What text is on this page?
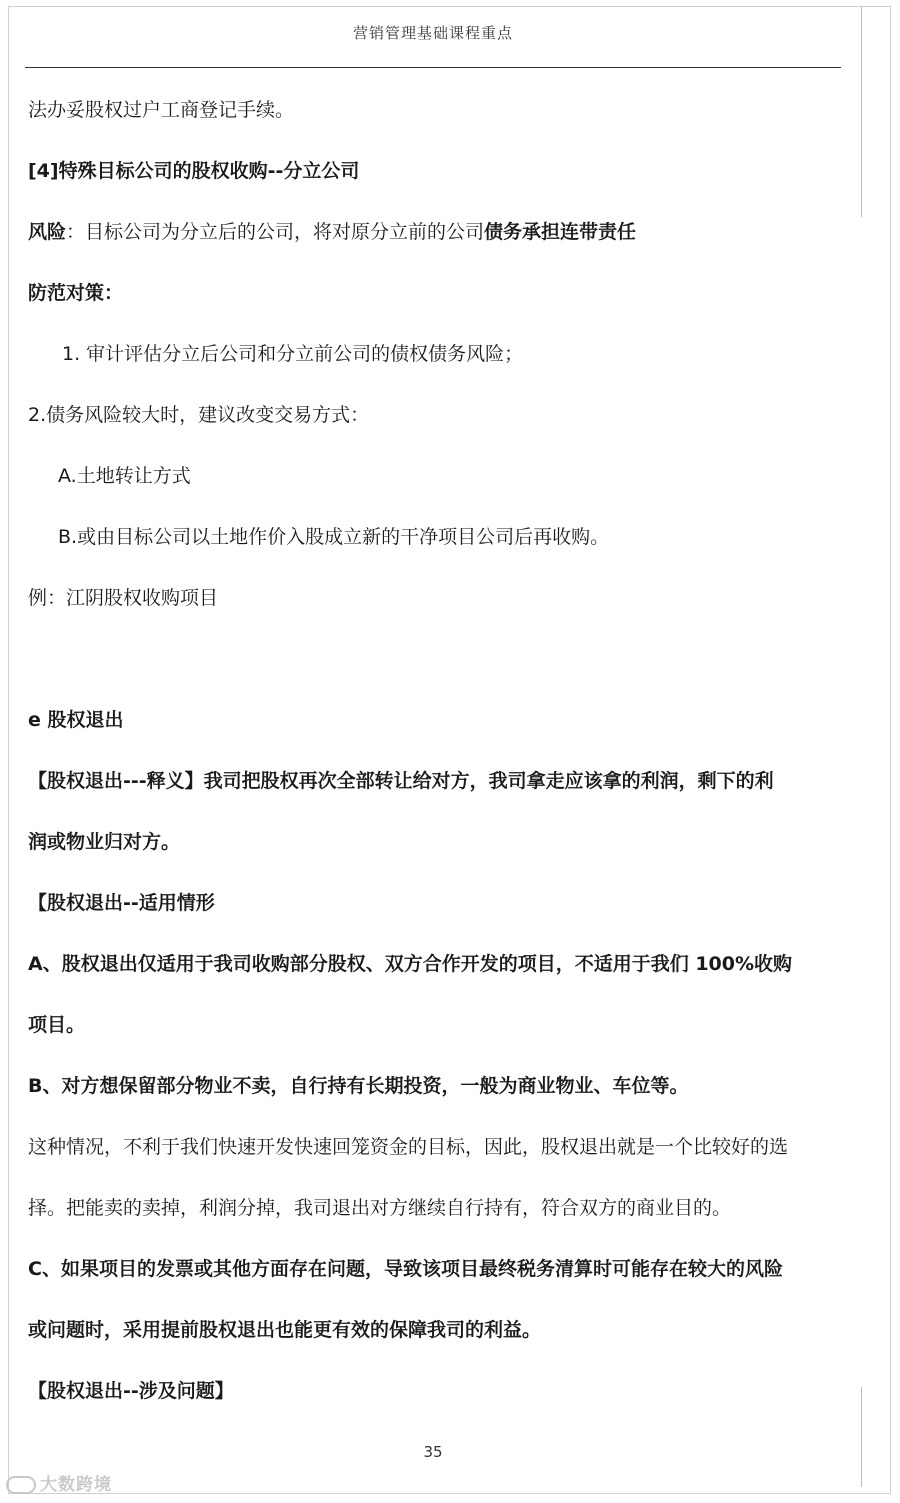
营销管理基础课程重点
法办妥股权过户工商登记手续。
[4]特殊目标公司的股权收购--分立公司
风险：目标公司为分立后的公司，将对原分立前的公司债务承担连带责任
防范对策：
1. 审计评估分立后公司和分立前公司的债权债务风险；
2.债务风险较大时，建议改变交易方式：
A.土地转让方式
B.或由目标公司以土地作价入股成立新的干净项目公司后再收购。
例：江阴股权收购项目
e 股权退出
【股权退出---释义】我司把股权再次全部转让给对方，我司拿走应该拿的利润，剩下的利
润或物业归对方。
【股权退出--适用情形
A、股权退出仅适用于我司收购部分股权、双方合作开发的项目，不适用于我们 100%收购
项目。
B、对方想保留部分物业不卖，自行持有长期投资，一般为商业物业、车位等。
这种情况，不利于我们快速开发快速回笼资金的目标，因此，股权退出就是一个比较好的选
择。把能卖的卖掉，利润分掉，我司退出对方继续自行持有，符合双方的商业目的。
C、如果项目的发票或其他方面存在问题，导致该项目最终税务清算时可能存在较大的风险
或问题时，采用提前股权退出也能更有效的保障我司的利益。
【股权退出--涉及问题】
35
大数跨境
